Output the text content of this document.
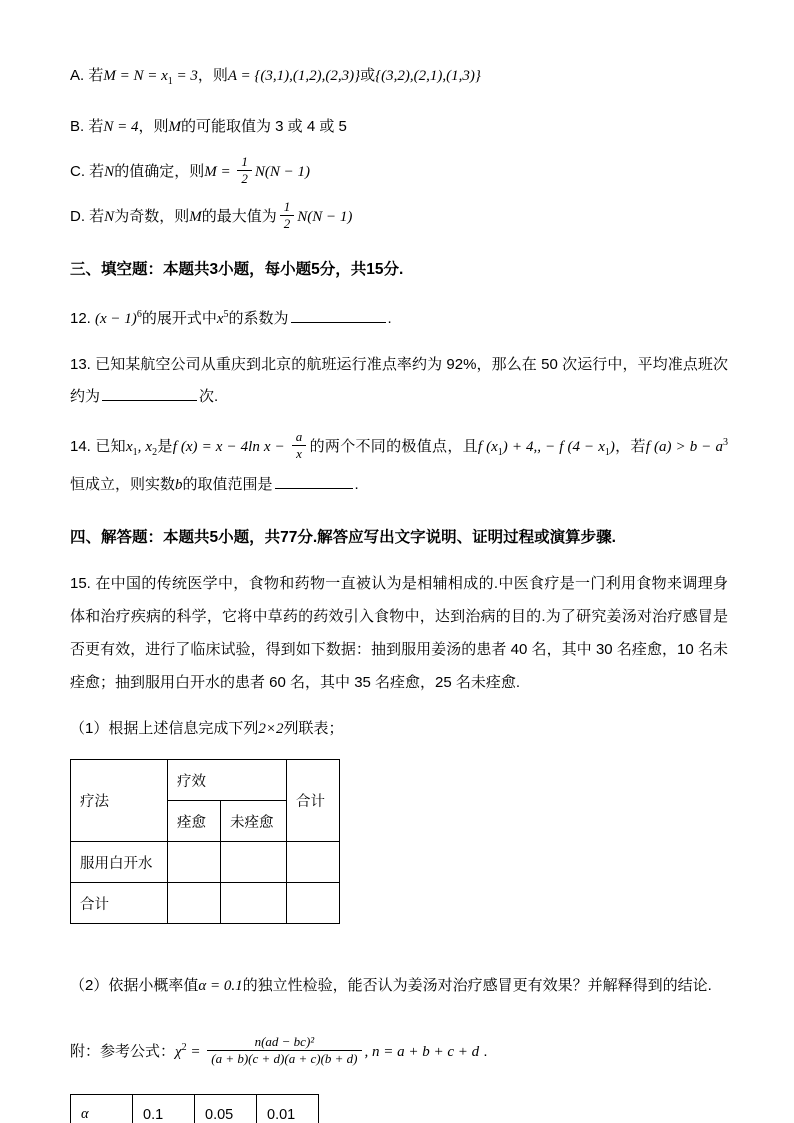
A. 若$M = N = x_1 = 3$，则A = {(3,1),(1,2),(2,3)}或{(3,2),(2,1),(1,3)}
B. 若N = 4，则M的可能取值为 3 或 4 或 5
C. 若N的值确定，则$M = \frac{1}{2} N(N - 1)$
D. 若N为奇数，则M的最大值为 $\frac{1}{2} N(N - 1)$
三、填空题：本题共3小题，每小题5分，共15分.
12. $(x - 1)^6$的展开式中$x^5$的系数为	.
13. 已知某航空公司从重庆到北京的航班运行准点率约为 92%，那么在 50 次运行中，平均准点班次约为	次.
14. 已知$x_1$, $x_2$是f (x) = x − 4ln $x - \frac{a}{x}$ 的两个不同的极值点，且f $(x_1) + 4$,, − f $(4 - x_1)$，若f $(a) > b - a^3$恒成立，则实数b的取值范围是	.
四、解答题：本题共5小题，共77分.解答应写出文字说明、证明过程或演算步骤.
15. 在中国的传统医学中，食物和药物一直被认为是相辅相成的.中医食疗是一门利用食物来调理身体和治疗疾病的科学，它将中草药的药效引入食物中，达到治病的目的.为了研究姜汤对治疗感冒是否更有效，进行了临床试验，得到如下数据：抽到服用姜汤的患者 40 名，其中 30 名痊愈，10 名未痊愈；抽到服用白开水的患者 60 名，其中 35 名痊愈，25 名未痊愈.
（1）根据上述信息完成下列2×2列联表；
疗法	疗效		合计
	痊愈	未痊愈	
服用白开水			
合计			
（2）依据小概率值α = 0.1的独立性检验，能否认为姜汤对治疗感冒更有效果？并解释得到的结论.
附：参考公式：$\chi^2 = \frac{\text{n(ad − bc)²}}{(a + b)(c + d)(a + c)(b + d)}$ , n = a + b + c + d .
α	0.1	0.05	0.01
